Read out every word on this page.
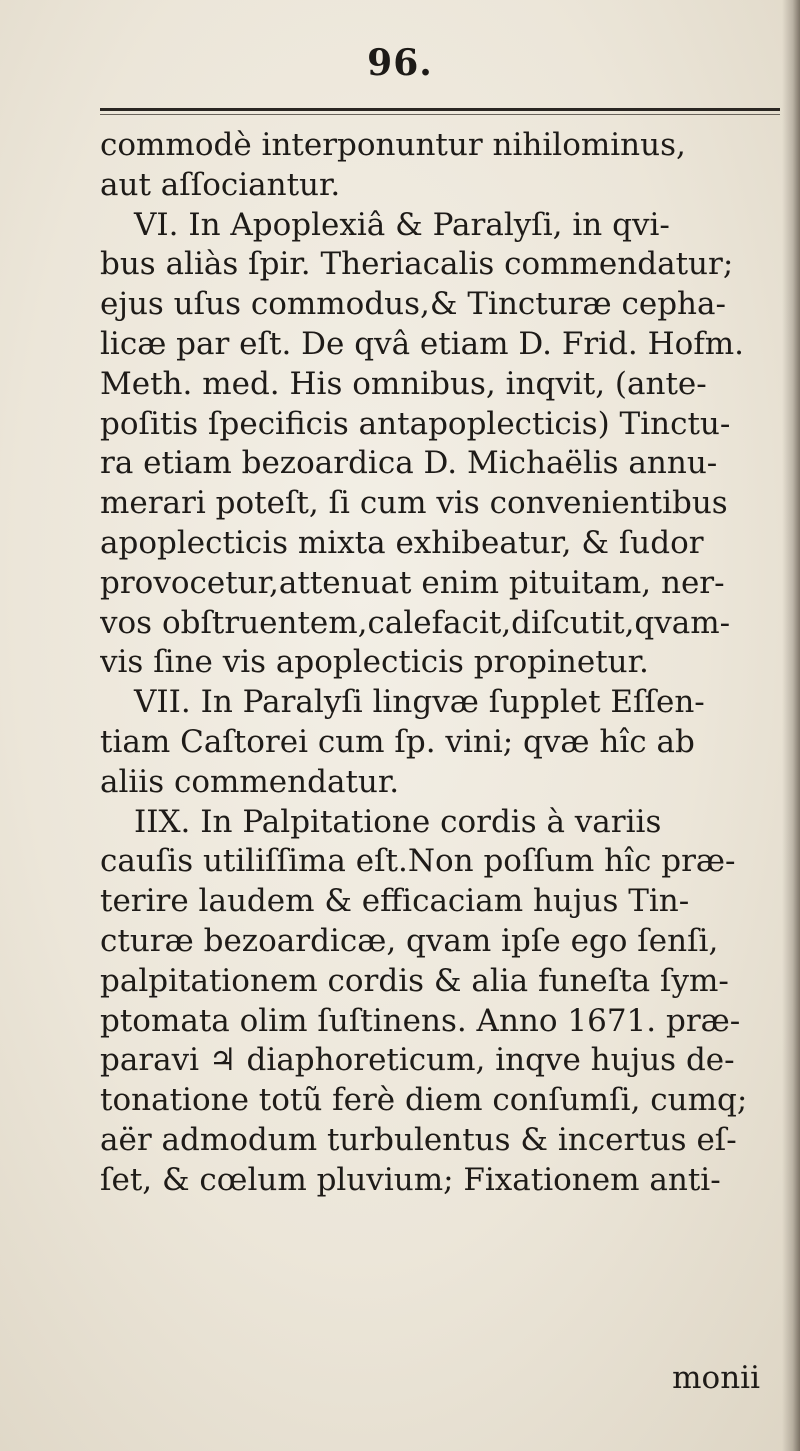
96.
commodè interponuntur nihilominus,
aut aſſociantur.
VI. In Apoplexiâ & Paralyſi, in qvi-
bus aliàs ſpir. Theriacalis commendatur;
ejus uſus commodus,& Tincturæ cepha-
licæ par eſt. De qvâ etiam D. Frid. Hofm.
Meth. med. His omnibus, inqvit, (ante-
poſitis ſpecificis antapoplecticis) Tinctu-
ra etiam bezoardica D. Michaëlis annu-
merari poteſt, ſi cum vis convenientibus
apoplecticis mixta exhibeatur, & ſudor
provocetur,attenuat enim pituitam, ner-
vos obſtruentem,calefacit,diſcutit,qvam-
vis ſine vis apoplecticis propinetur.
VII. In Paralyſi lingvæ ſupplet Eſſen-
tiam Caſtorei cum ſp. vini; qvæ hîc ab
aliis commendatur.
IIX. In Palpitatione cordis à variis
cauſis utiliſſima eſt.Non poſſum hîc præ-
terire laudem & efficaciam hujus Tin-
cturæ bezoardicæ, qvam ipſe ego ſenſi,
palpitationem cordis & alia funeſta ſym-
ptomata olim ſuſtinens. Anno 1671. præ-
paravi ♃ diaphoreticum, inqve hujus de-
tonatione totũ ferè diem conſumſi, cumq;
aër admodum turbulentus & incertus eſ-
ſet, & cœlum pluvium; Fixationem anti-
monii
